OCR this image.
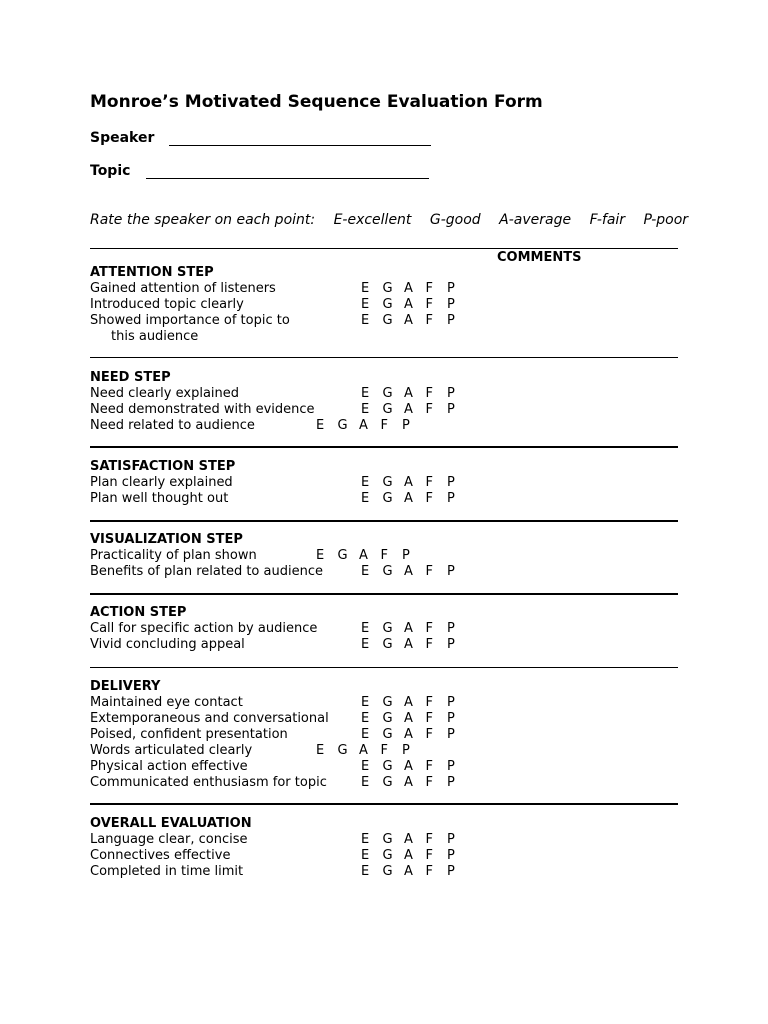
Monroe’s Motivated Sequence Evaluation Form
Speaker
Topic
Rate the speaker on each point: E-excellent G-good A-average F-fair P-poor
COMMENTS
ATTENTION STEP
Gained attention of listeners	E G A F P
Introduced topic clearly	E G A F P
Showed importance of topic to	E G A F P
this audience
NEED STEP
Need clearly explained	E G A F P
Need demonstrated with evidence	E G A F P
Need related to audience	E G A F P
SATISFACTION STEP
Plan clearly explained	E G A F P
Plan well thought out	E G A F P
VISUALIZATION STEP
Practicality of plan shown	E G A F P
Benefits of plan related to audience	E G A F P
ACTION STEP
Call for specific action by audience	E G A F P
Vivid concluding appeal	E G A F P
DELIVERY
Maintained eye contact	E G A F P
Extemporaneous and conversational E G A F P
Poised, confident presentation	E G A F P
Words articulated clearly	E G A F P
Physical action effective	E G A F P
Communicated enthusiasm for topic	E G A F P
OVERALL EVALUATION
Language clear, concise	E G A F P
Connectives effective	E G A F P
Completed in time limit	E G A F P
